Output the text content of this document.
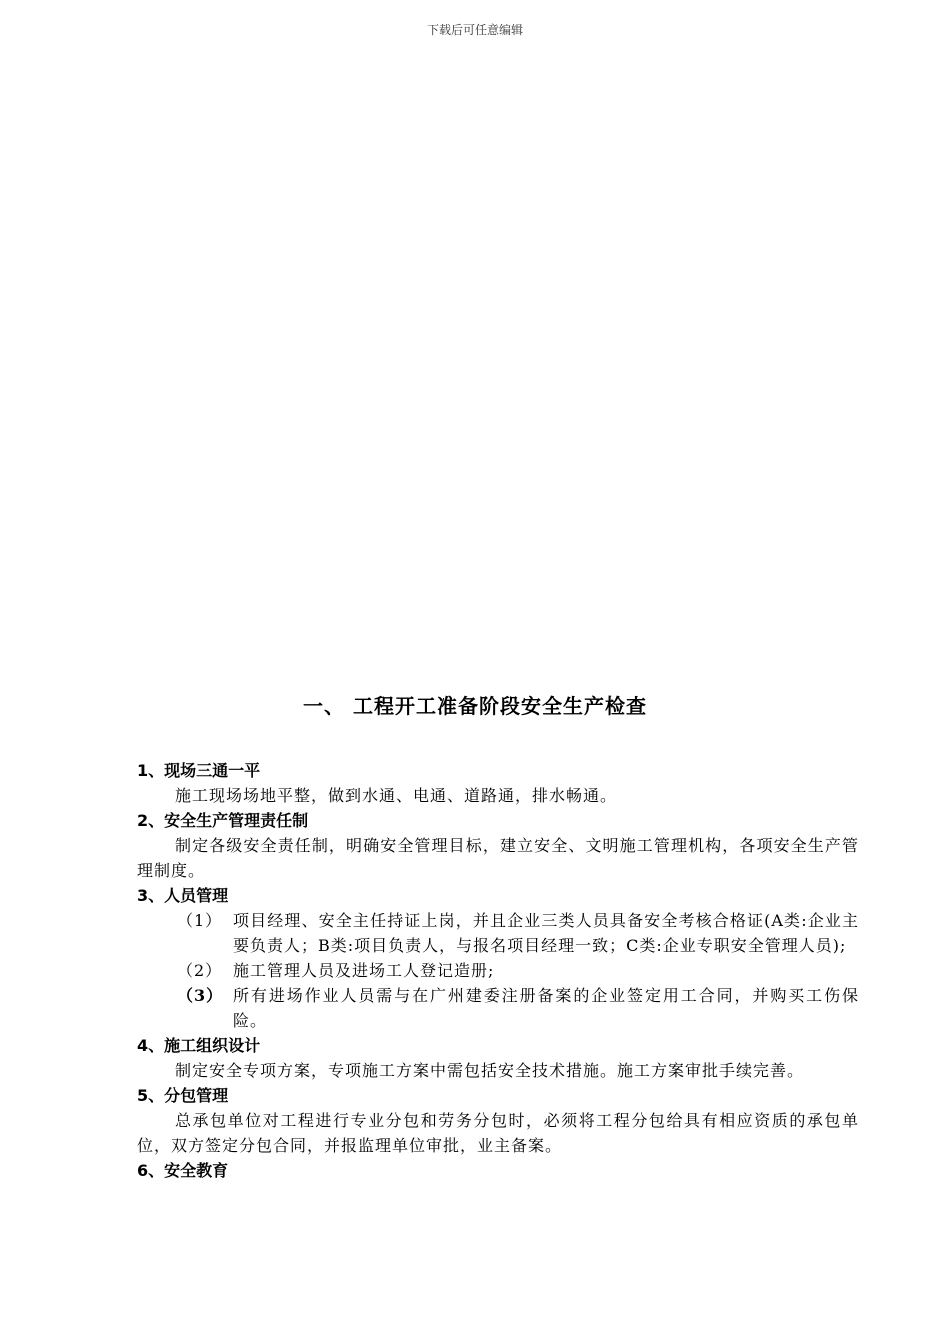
下载后可任意编辑
一、 工程开工准备阶段安全生产检查
1、现场三通一平
施工现场场地平整，做到水通、电通、道路通，排水畅通。
2、安全生产管理责任制
制定各级安全责任制，明确安全管理目标，建立安全、文明施工管理机构，各项安全生产管理制度。
3、人员管理
（1） 项目经理、安全主任持证上岗，并且企业三类人员具备安全考核合格证(A类:企业主要负责人；B类:项目负责人，与报名项目经理一致；C类:企业专职安全管理人员);
（2） 施工管理人员及进场工人登记造册;
（3） 所有进场作业人员需与在广州建委注册备案的企业签定用工合同，并购买工伤保险。
4、施工组织设计
制定安全专项方案，专项施工方案中需包括安全技术措施。施工方案审批手续完善。
5、分包管理
总承包单位对工程进行专业分包和劳务分包时，必须将工程分包给具有相应资质的承包单位，双方签定分包合同，并报监理单位审批，业主备案。
6、安全教育
